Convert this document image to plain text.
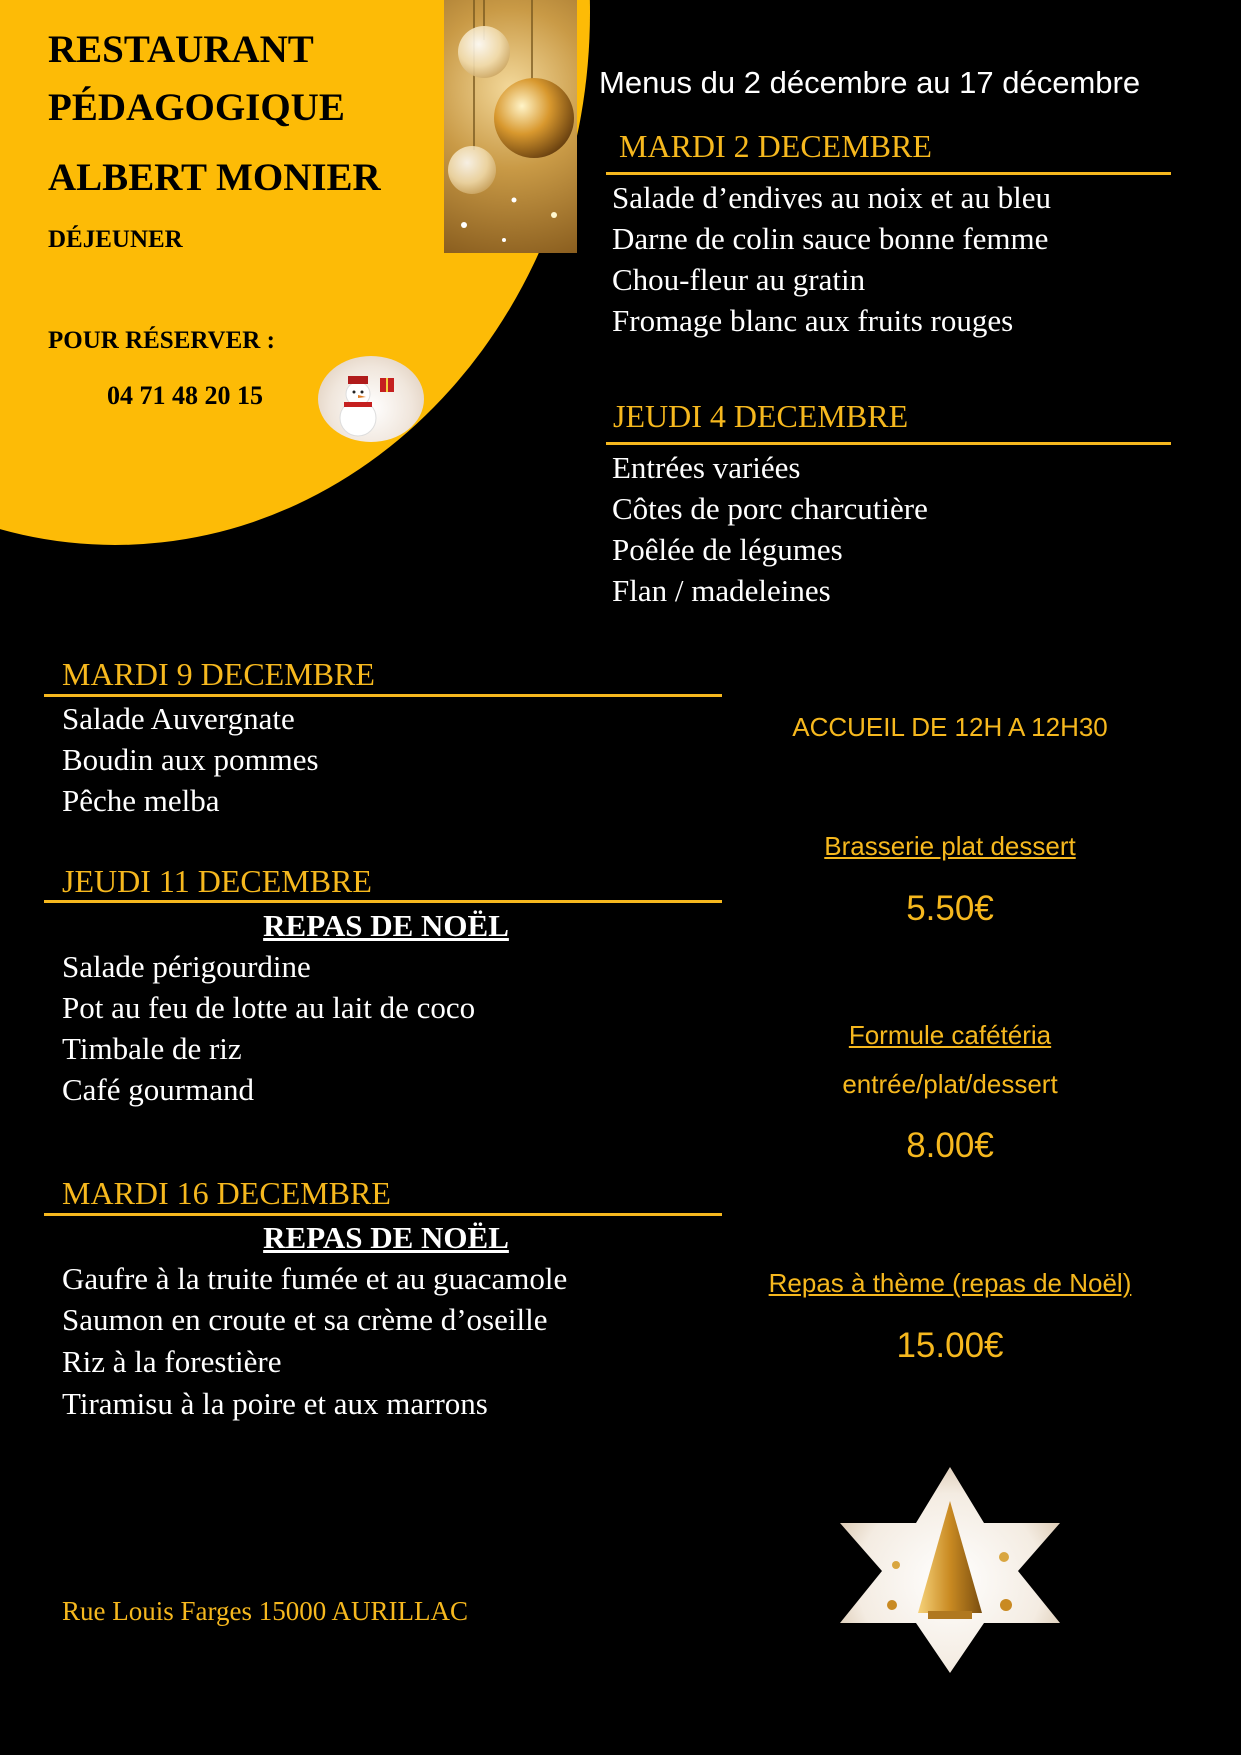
RESTAURANT
PÉDAGOGIQUE
ALBERT MONIER
DÉJEUNER
POUR RÉSERVER :
04 71 48 20 15
Menus du 2 décembre au 17 décembre
MARDI 2 DECEMBRE
Salade d’endives au noix et au bleu
Darne de colin sauce bonne femme
Chou-fleur au gratin
Fromage blanc aux fruits rouges
JEUDI 4 DECEMBRE
Entrées variées
Côtes de porc charcutière
Poêlée de légumes
Flan / madeleines
MARDI 9 DECEMBRE
Salade Auvergnate
Boudin aux pommes
Pêche melba
JEUDI 11 DECEMBRE
REPAS DE NOËL
Salade périgourdine
Pot au feu de lotte au lait de coco
Timbale de riz
Café gourmand
MARDI 16 DECEMBRE
REPAS DE NOËL
Gaufre à la truite fumée et au guacamole
Saumon en croute et sa crème d’oseille
Riz à la forestière
Tiramisu à la poire et aux marrons
ACCUEIL DE 12H A 12H30
Brasserie plat dessert
5.50€
Formule cafétéria
entrée/plat/dessert
8.00€
Repas à thème (repas de Noël)
15.00€
Rue Louis Farges 15000 AURILLAC
